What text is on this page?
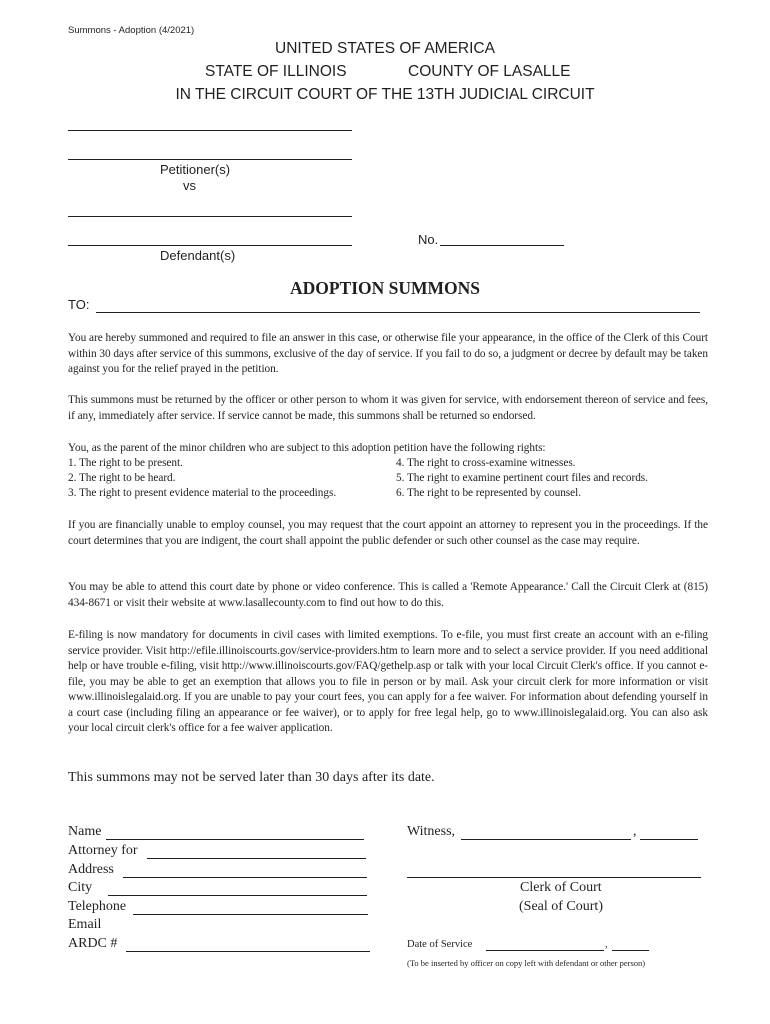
Summons - Adoption (4/2021)
UNITED STATES OF AMERICA
STATE OF ILLINOIS	COUNTY OF LASALLE
IN THE CIRCUIT COURT OF THE 13TH JUDICIAL CIRCUIT
Petitioner(s)
vs
Defendant(s)
No.
ADOPTION SUMMONS
TO:
You are hereby summoned and required to file an answer in this case, or otherwise file your appearance, in the office of the Clerk of this Court within 30 days after service of this summons, exclusive of the day of service. If you fail to do so, a judgment or decree by default may be taken against you for the relief prayed in the petition.
This summons must be returned by the officer or other person to whom it was given for service, with endorsement thereon of service and fees, if any, immediately after service. If service cannot be made, this summons shall be returned so endorsed.
You, as the parent of the minor children who are subject to this adoption petition have the following rights:
1. The right to be present.
2. The right to be heard.
3. The right to present evidence material to the proceedings.
4. The right to cross-examine witnesses.
5. The right to examine pertinent court files and records.
6. The right to be represented by counsel.
If you are financially unable to employ counsel, you may request that the court appoint an attorney to represent you in the proceedings. If the court determines that you are indigent, the court shall appoint the public defender or such other counsel as the case may require.
You may be able to attend this court date by phone or video conference. This is called a 'Remote Appearance.' Call the Circuit Clerk at (815) 434-8671 or visit their website at www.lasallecounty.com to find out how to do this.
E-filing is now mandatory for documents in civil cases with limited exemptions. To e-file, you must first create an account with an e-filing service provider. Visit http://efile.illinoiscourts.gov/service-providers.htm to learn more and to select a service provider. If you need additional help or have trouble e-filing, visit http://www.illinoiscourts.gov/FAQ/gethelp.asp or talk with your local Circuit Clerk's office. If you cannot e-file, you may be able to get an exemption that allows you to file in person or by mail. Ask your circuit clerk for more information or visit www.illinoislegalaid.org. If you are unable to pay your court fees, you can apply for a fee waiver. For information about defending yourself in a court case (including filing an appearance or fee waiver), or to apply for free legal help, go to www.illinoislegalaid.org. You can also ask your local circuit clerk's office for a fee waiver application.
This summons may not be served later than 30 days after its date.
Name
Attorney for
Address
City
Telephone
Email
ARDC #
Witness,	,
Clerk of Court
(Seal of Court)
Date of Service	,
(To be inserted by officer on copy left with defendant or other person)
